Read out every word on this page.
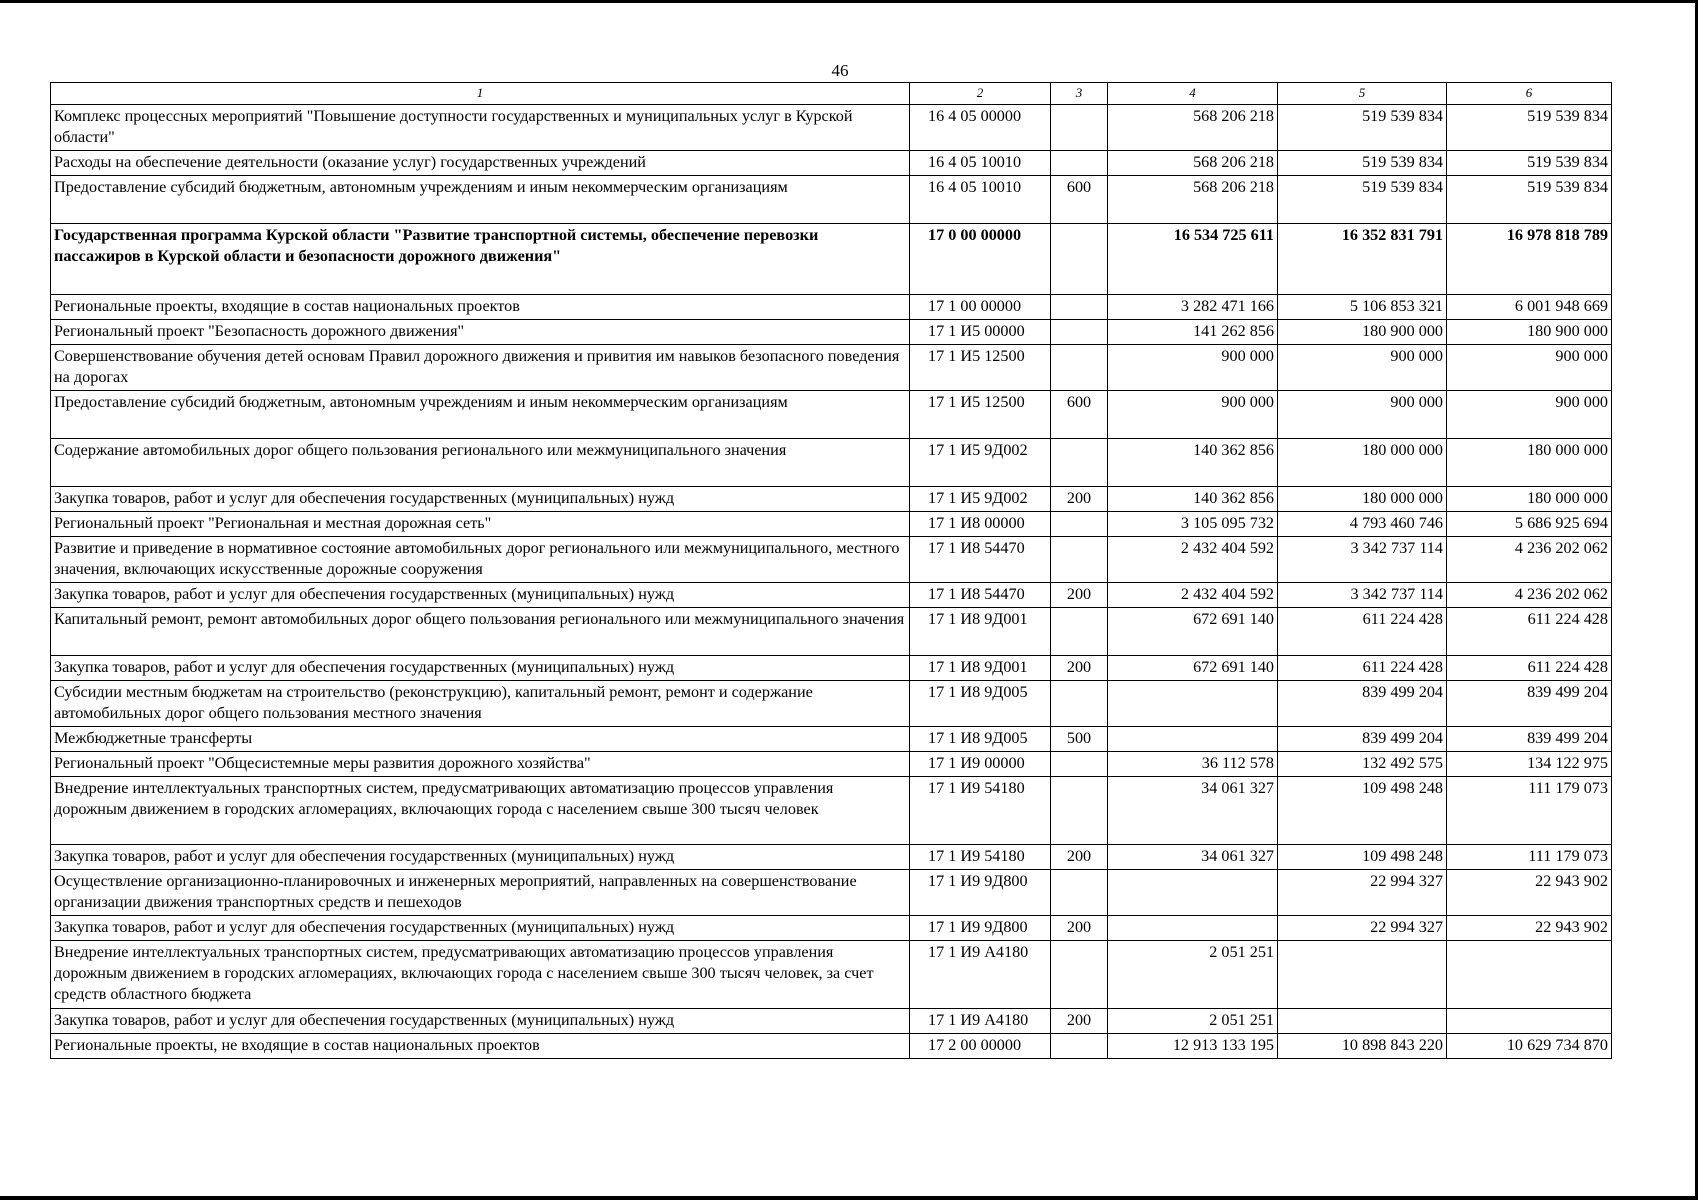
46
1	2	3	4	5	6
Комплекс процессных мероприятий "Повышение доступности государственных и муниципальных услуг в Курской области"	16 4 05 00000		568 206 218	519 539 834	519 539 834
Расходы на обеспечение деятельности (оказание услуг) государственных учреждений	16 4 05 10010		568 206 218	519 539 834	519 539 834
Предоставление субсидий бюджетным, автономным учреждениям и иным некоммерческим организациям	16 4 05 10010	600	568 206 218	519 539 834	519 539 834
Государственная программа Курской области "Развитие транспортной системы, обеспечение перевозки пассажиров в Курской области и безопасности дорожного движения"	17 0 00 00000		16 534 725 611	16 352 831 791	16 978 818 789
Региональные проекты, входящие в состав национальных проектов	17 1 00 00000		3 282 471 166	5 106 853 321	6 001 948 669
Региональный проект "Безопасность дорожного движения"	17 1 И5 00000		141 262 856	180 900 000	180 900 000
Совершенствование обучения детей основам Правил дорожного движения и привития им навыков безопасного поведения на дорогах	17 1 И5 12500		900 000	900 000	900 000
Предоставление субсидий бюджетным, автономным учреждениям и иным некоммерческим организациям	17 1 И5 12500	600	900 000	900 000	900 000
Содержание автомобильных дорог общего пользования регионального или межмуниципального значения	17 1 И5 9Д002		140 362 856	180 000 000	180 000 000
Закупка товаров, работ и услуг для обеспечения государственных (муниципальных) нужд	17 1 И5 9Д002	200	140 362 856	180 000 000	180 000 000
Региональный проект "Региональная и местная дорожная сеть"	17 1 И8 00000		3 105 095 732	4 793 460 746	5 686 925 694
Развитие и приведение в нормативное состояние автомобильных дорог регионального или межмуниципального, местного значения, включающих искусственные дорожные сооружения	17 1 И8 54470		2 432 404 592	3 342 737 114	4 236 202 062
Закупка товаров, работ и услуг для обеспечения государственных (муниципальных) нужд	17 1 И8 54470	200	2 432 404 592	3 342 737 114	4 236 202 062
Капитальный ремонт, ремонт автомобильных дорог общего пользования регионального или межмуниципального значения	17 1 И8 9Д001		672 691 140	611 224 428	611 224 428
Закупка товаров, работ и услуг для обеспечения государственных (муниципальных) нужд	17 1 И8 9Д001	200	672 691 140	611 224 428	611 224 428
Субсидии местным бюджетам на строительство (реконструкцию), капитальный ремонт, ремонт и содержание автомобильных дорог общего пользования местного значения	17 1 И8 9Д005			839 499 204	839 499 204
Межбюджетные трансферты	17 1 И8 9Д005	500		839 499 204	839 499 204
Региональный проект "Общесистемные меры развития дорожного хозяйства"	17 1 И9 00000		36 112 578	132 492 575	134 122 975
Внедрение интеллектуальных транспортных систем, предусматривающих автоматизацию процессов управления дорожным движением в городских агломерациях, включающих города с населением свыше 300 тысяч человек	17 1 И9 54180		34 061 327	109 498 248	111 179 073
Закупка товаров, работ и услуг для обеспечения государственных (муниципальных) нужд	17 1 И9 54180	200	34 061 327	109 498 248	111 179 073
Осуществление организационно-планировочных и инженерных мероприятий, направленных на совершенствование организации движения транспортных средств и пешеходов	17 1 И9 9Д800			22 994 327	22 943 902
Закупка товаров, работ и услуг для обеспечения государственных (муниципальных) нужд	17 1 И9 9Д800	200		22 994 327	22 943 902
Внедрение интеллектуальных транспортных систем, предусматривающих автоматизацию процессов управления дорожным движением в городских агломерациях, включающих города с населением свыше 300 тысяч человек, за счет средств областного бюджета	17 1 И9 А4180		2 051 251		
Закупка товаров, работ и услуг для обеспечения государственных (муниципальных) нужд	17 1 И9 А4180	200	2 051 251		
Региональные проекты, не входящие в состав национальных проектов	17 2 00 00000		12 913 133 195	10 898 843 220	10 629 734 870
